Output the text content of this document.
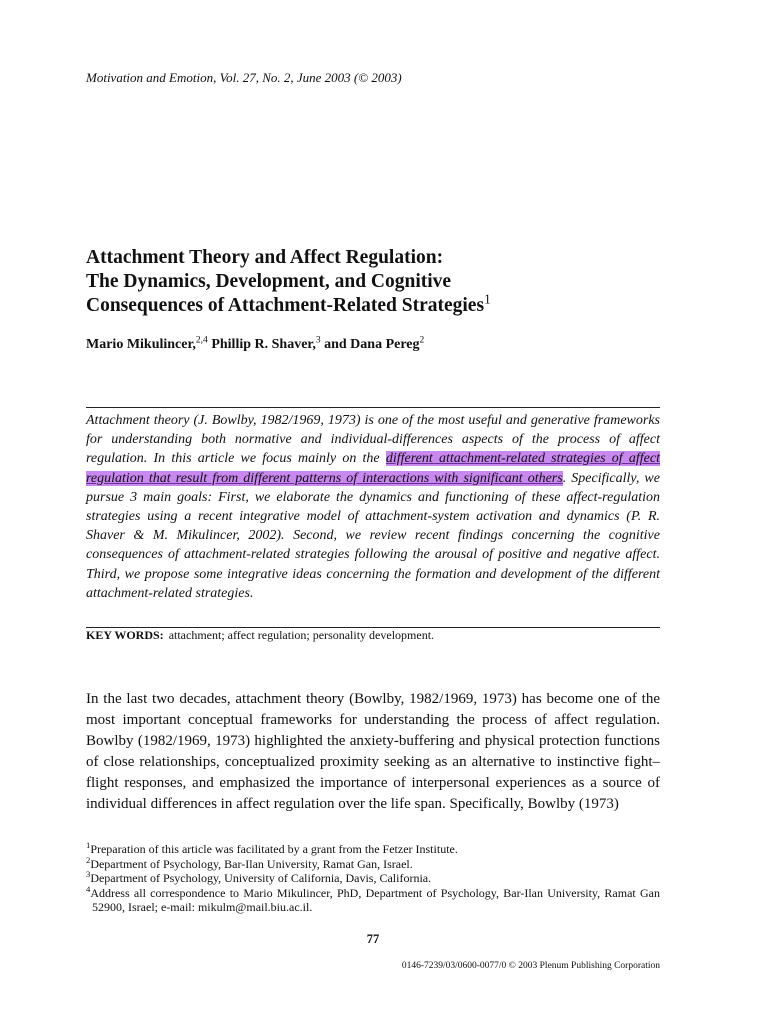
Motivation and Emotion, Vol. 27, No. 2, June 2003 (© 2003)
Attachment Theory and Affect Regulation:
The Dynamics, Development, and Cognitive
Consequences of Attachment-Related Strategies$^1$
Mario Mikulincer,$^{2,4}$ Phillip R. Shaver,$^3$ and Dana Pereg$^2$

Attachment theory (J. Bowlby, 1982/1969, 1973) is one of the most useful and generative frameworks for understanding both normative and individual-differences aspects of the process of affect regulation. In this article we focus mainly on the different attachment-related strategies of affect regulation that result from different patterns of interactions with significant others. Specifically, we pursue 3 main goals: First, we elaborate the dynamics and functioning of these affect-regulation strategies using a recent integrative model of attachment-system activation and dynamics (P. R. Shaver & M. Mikulincer, 2002). Second, we review recent findings concerning the cognitive consequences of attachment-related strategies following the arousal of positive and negative affect. Third, we propose some integrative ideas concerning the formation and development of the different attachment-related strategies.

KEY WORDS: attachment; affect regulation; personality development.

In the last two decades, attachment theory (Bowlby, 1982/1969, 1973) has become one of the most important conceptual frameworks for understanding the process of affect regulation. Bowlby (1982/1969, 1973) highlighted the anxiety-buffering and physical protection functions of close relationships, conceptualized proximity seeking as an alternative to instinctive fight–flight responses, and emphasized the importance of interpersonal experiences as a source of individual differences in affect regulation over the life span. Specifically, Bowlby (1973)

$^1$Preparation of this article was facilitated by a grant from the Fetzer Institute.
$^2$Department of Psychology, Bar-Ilan University, Ramat Gan, Israel.
$^3$Department of Psychology, University of California, Davis, California.
$^4$Address all correspondence to Mario Mikulincer, PhD, Department of Psychology, Bar-Ilan University, Ramat Gan 52900, Israel; e-mail: mikulm@mail.biu.ac.il.
77
0146-7239/03/0600-0077/0 © 2003 Plenum Publishing Corporation
